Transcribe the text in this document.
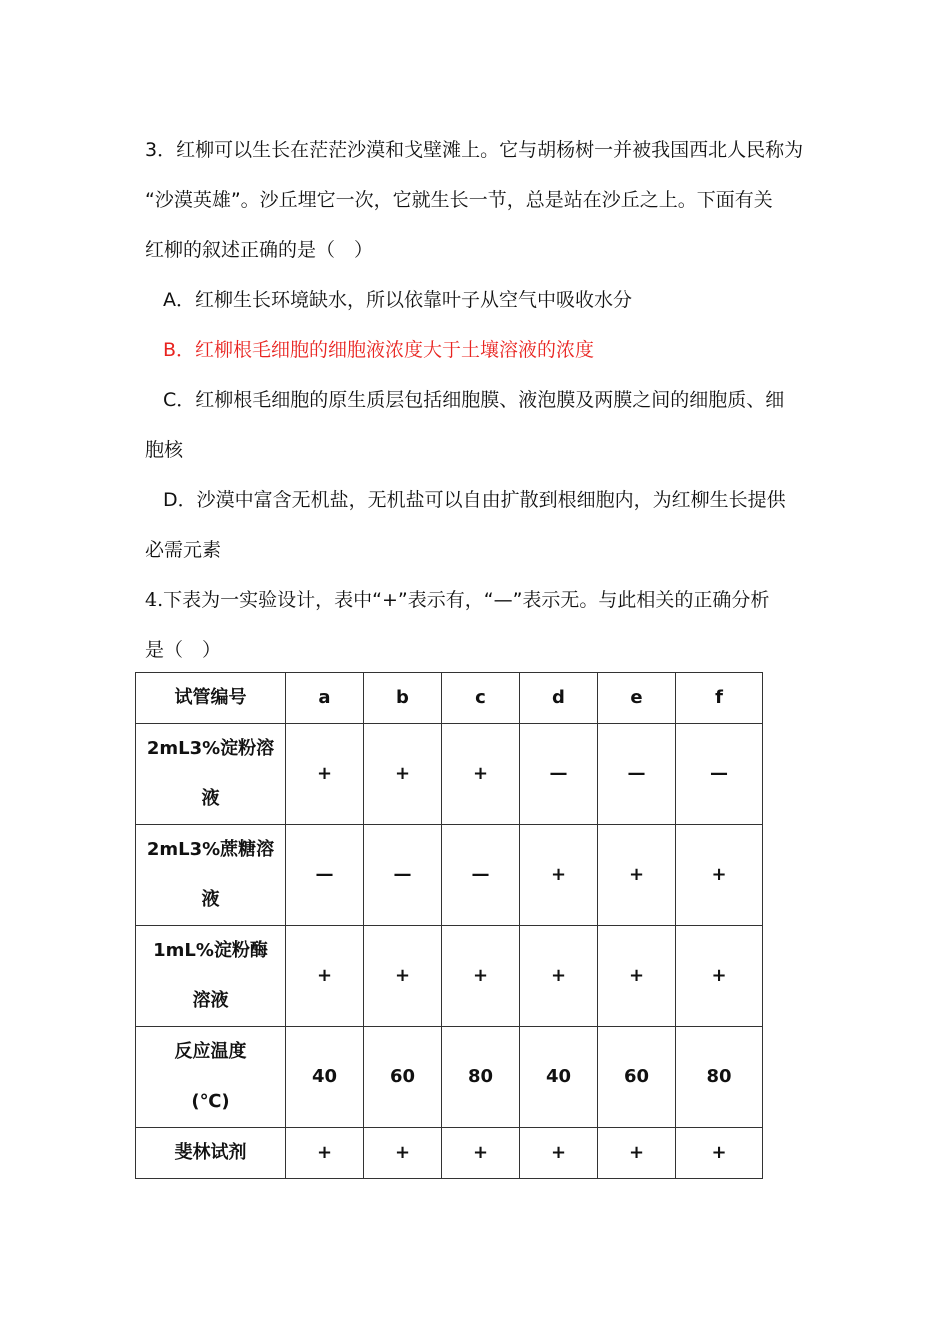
3．红柳可以生长在茫茫沙漠和戈壁滩上。它与胡杨树一并被我国西北人民称为
“沙漠英雄”。沙丘埋它一次，它就生长一节，总是站在沙丘之上。下面有关
红柳的叙述正确的是（　）
A．红柳生长环境缺水，所以依靠叶子从空气中吸收水分
B．红柳根毛细胞的细胞液浓度大于土壤溶液的浓度
C．红柳根毛细胞的原生质层包括细胞膜、液泡膜及两膜之间的细胞质、细
胞核
D．沙漠中富含无机盐，无机盐可以自由扩散到根细胞内，为红柳生长提供
必需元素
4.下表为一实验设计，表中“+”表示有，“—”表示无。与此相关的正确分析
是（　）
试管编号	a	b	c	d	e	f
2mL3%淀粉溶
液	+	+	+	—	—	—
2mL3%蔗糖溶
液	—	—	—	+	+	+
1mL%淀粉酶
溶液	+	+	+	+	+	+
反应温度
(℃)	40	60	80	40	60	80
斐林试剂	+	+	+	+	+	+
